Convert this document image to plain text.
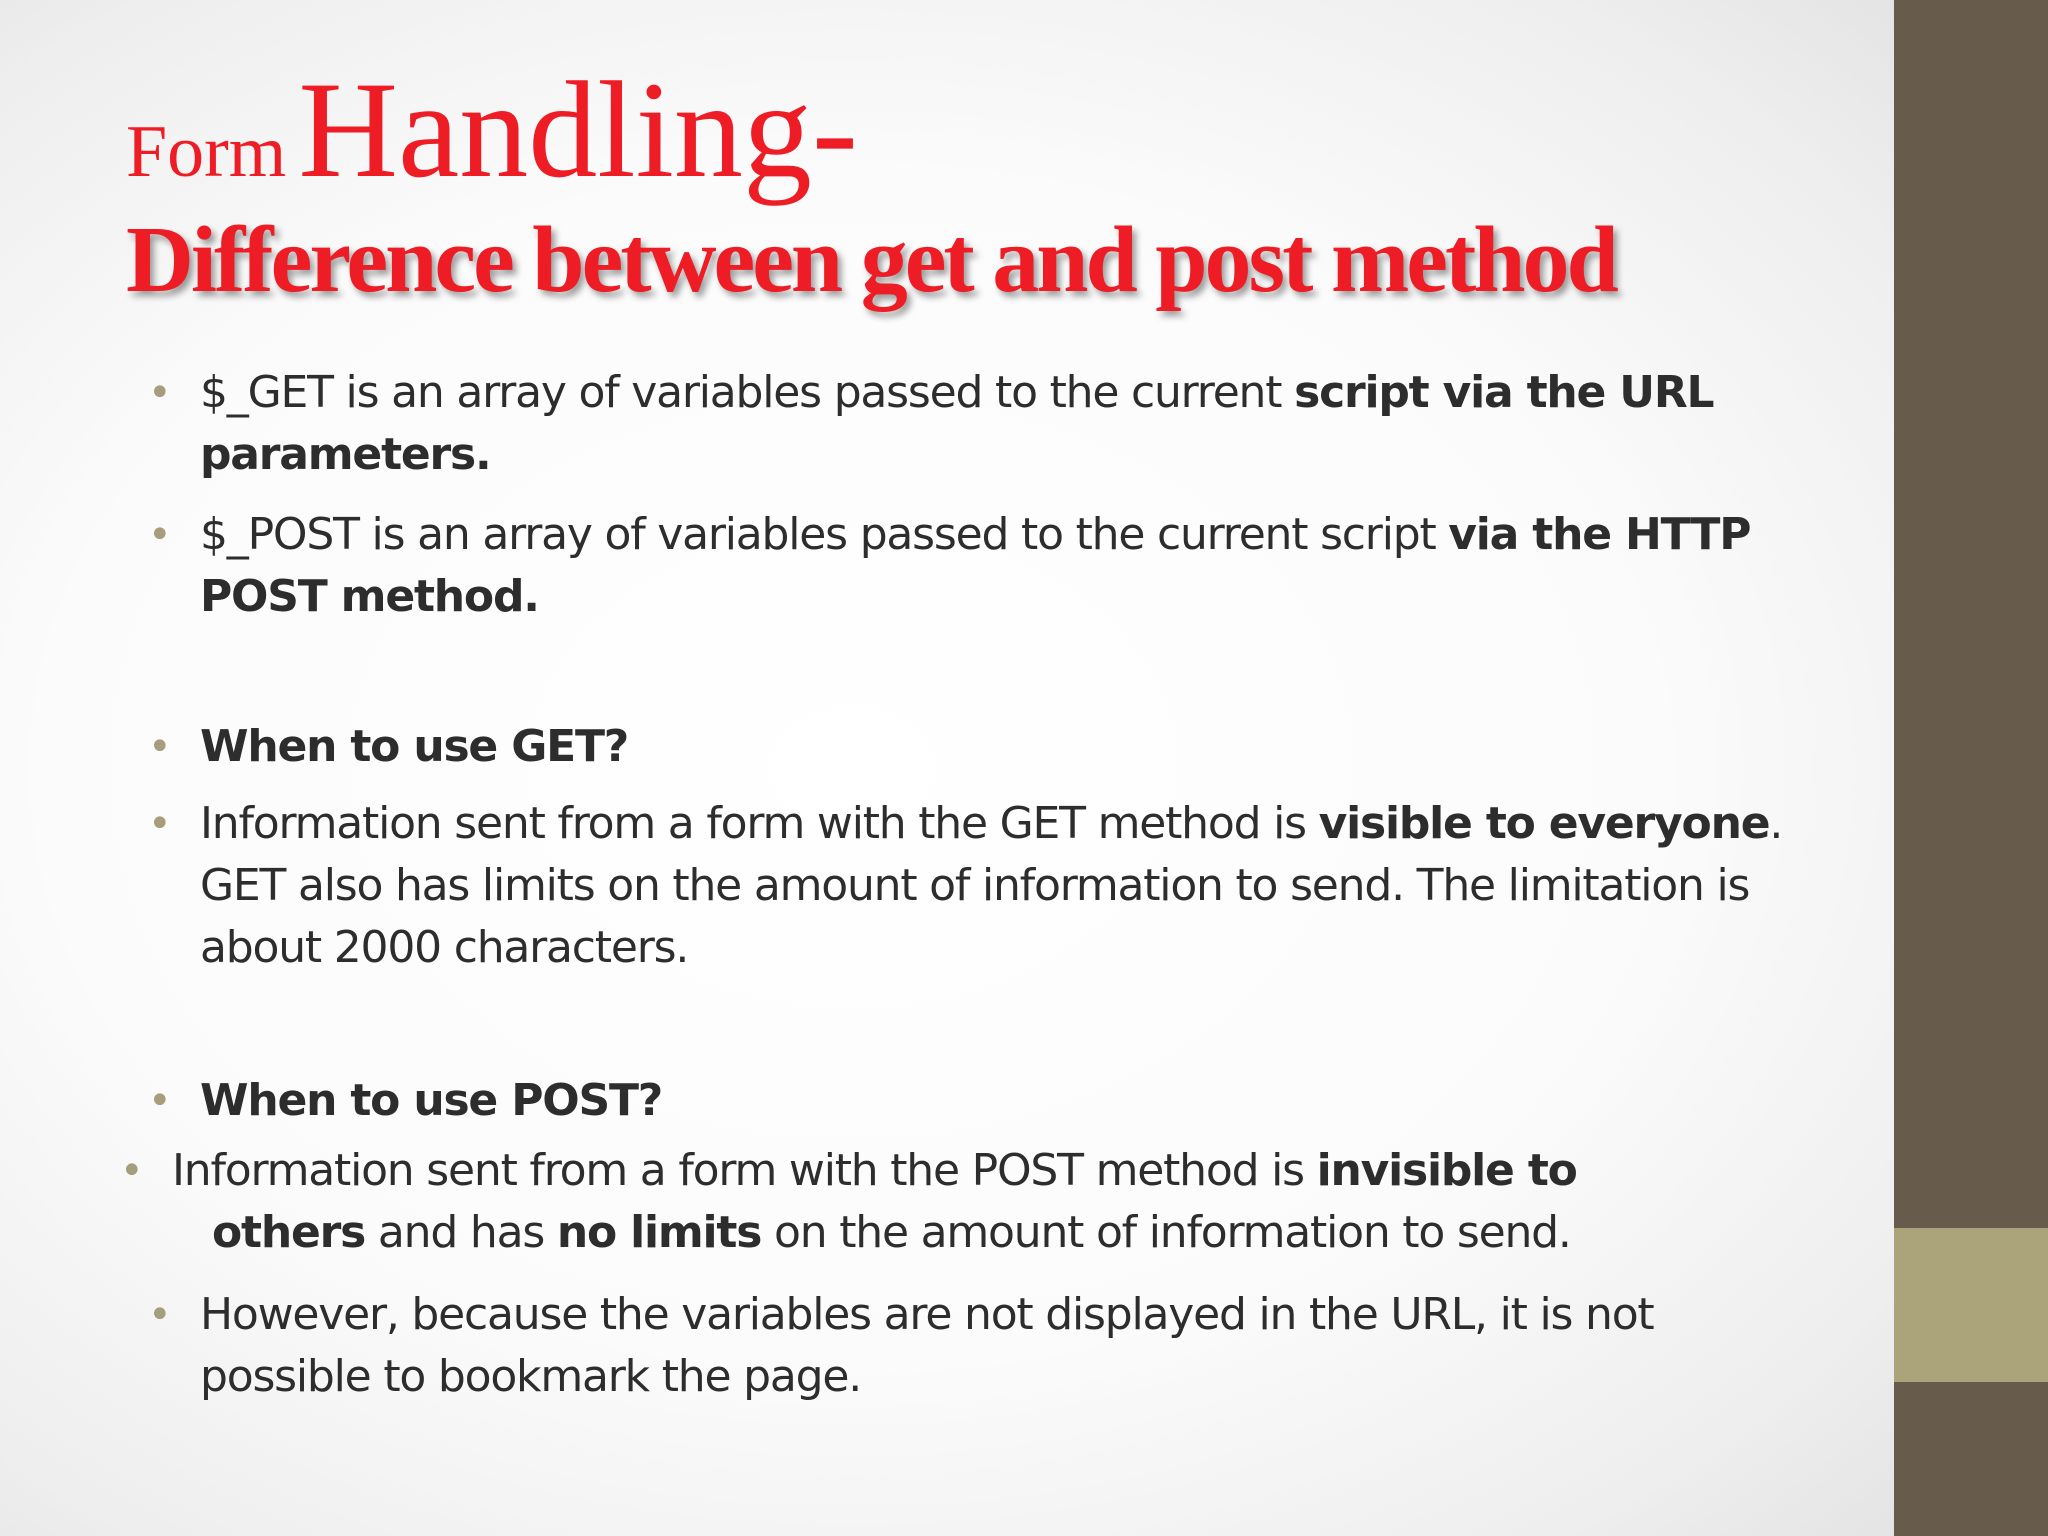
FormHandling-
Difference between get and post method
• $_GET is an array of variables passed to the current script via the URL parameters.
• $_POST is an array of variables passed to the current script via the HTTP POST method.
• When to use GET?
• Information sent from a form with the GET method is visible to everyone. GET also has limits on the amount of information to send. The limitation is about 2000 characters.
• When to use POST?
• Information sent from a form with the POST method is invisible to
others and has no limits on the amount of information to send.
• However, because the variables are not displayed in the URL, it is not possible to bookmark the page.
